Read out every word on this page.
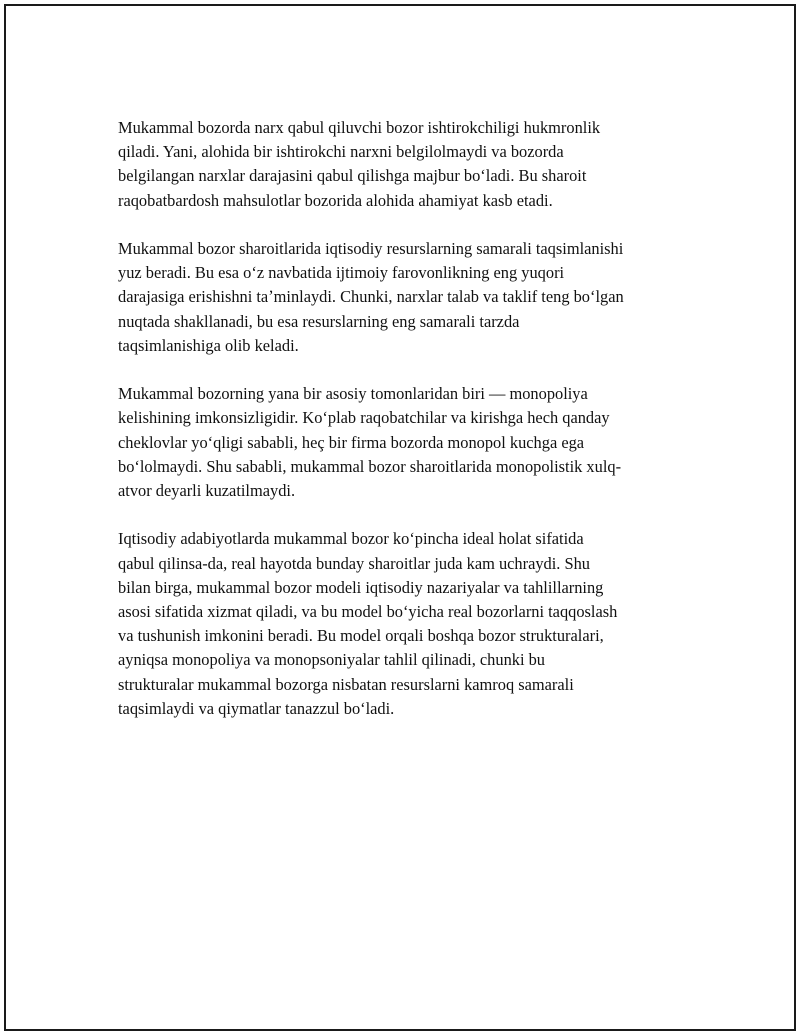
Mukammal bozorda narx qabul qiluvchi bozor ishtirokchiligi hukmronlik
qiladi. Yani, alohida bir ishtirokchi narxni belgilolmaydi va bozorda
belgilangan narxlar darajasini qabul qilishga majbur boʻladi. Bu sharoit
raqobatbardosh mahsulotlar bozorida alohida ahamiyat kasb etadi.

Mukammal bozor sharoitlarida iqtisodiy resurslarning samarali taqsimlanishi
yuz beradi. Bu esa oʻz navbatida ijtimoiy farovonlikning eng yuqori
darajasiga erishishni taʼminlaydi. Chunki, narxlar talab va taklif teng boʻlgan
nuqtada shakllanadi, bu esa resurslarning eng samarali tarzda
taqsimlanishiga olib keladi.

Mukammal bozorning yana bir asosiy tomonlaridan biri — monopoliya
kelishining imkonsizligidir. Koʻplab raqobatchilar va kirishga hech qanday
cheklovlar yoʻqligi sababli, heç bir firma bozorda monopol kuchga ega
boʻlolmaydi. Shu sababli, mukammal bozor sharoitlarida monopolistik xulq-
atvor deyarli kuzatilmaydi.

Iqtisodiy adabiyotlarda mukammal bozor koʻpincha ideal holat sifatida
qabul qilinsa-da, real hayotda bunday sharoitlar juda kam uchraydi. Shu
bilan birga, mukammal bozor modeli iqtisodiy nazariyalar va tahlillarning
asosi sifatida xizmat qiladi, va bu model boʻyicha real bozorlarni taqqoslash
va tushunish imkonini beradi. Bu model orqali boshqa bozor strukturalari,
ayniqsa monopoliya va monopsoniyalar tahlil qilinadi, chunki bu
strukturalar mukammal bozorga nisbatan resurslarni kamroq samarali
taqsimlaydi va qiymatlar tanazzul boʻladi.
